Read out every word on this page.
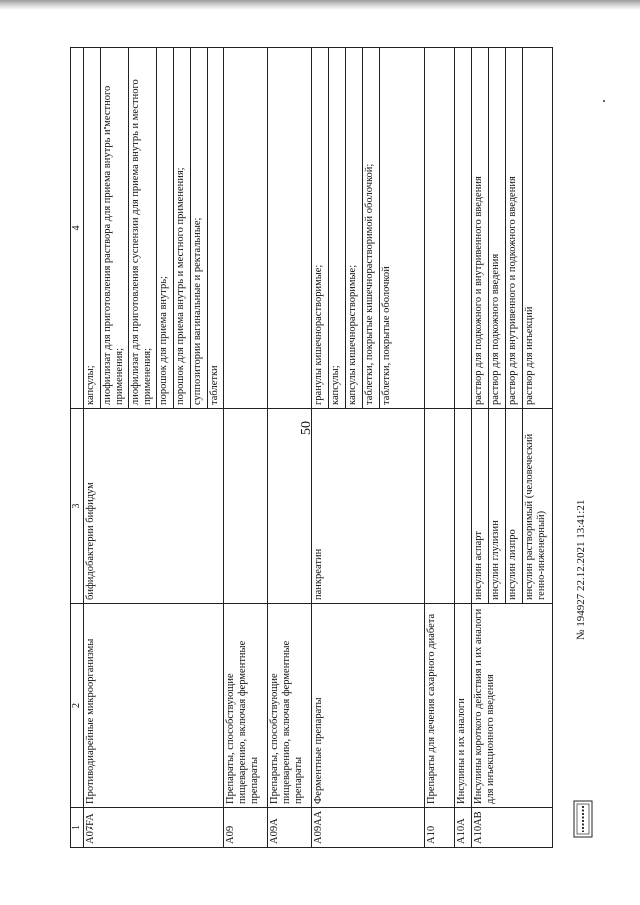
50

1	2	3	4	
A07FA	Противодиарейные микроорганизмы	бифидобактерии бифидум	капсулы;	
			лиофилизат для приготовления раствора для приема внутрь и местного применения;	
			лиофилизат для приготовления суспензии для приема внутрь и местного применения;	
			порошок для приема внутрь;	
			порошок для приема внутрь и местного применения;	
			суппозитории вагинальные и ректальные;	
			таблетки	
A09	Препараты, способствующие пищеварению, включая ферментные препараты			
A09A	Препараты, способствующие пищеварению, включая ферментные препараты			
A09AA	Ферментные препараты	панкреатин	гранулы кишечнорастворимые;	
			капсулы;	
			капсулы кишечнорастворимые;	
			таблетки, покрытые кишечнорастворимой оболочкой;	
			таблетки, покрытые оболочкой	
A10	Препараты для лечения сахарного диабета			
A10A	Инсулины и их аналоги			
A10AB	Инсулины короткого действия и их аналоги для инъекционного введения	инсулин аспарт	раствор для подкожного и внутривенного введения	
		инсулин глулизин	раствор для подкожного введения	
		инсулин лизпро	раствор для внутривенного и подкожного введения	
		инсулин растворимый (человеческий генно-инженерный)	раствор для инъекций	
№ 194927 22.12.2021 13:41:21
